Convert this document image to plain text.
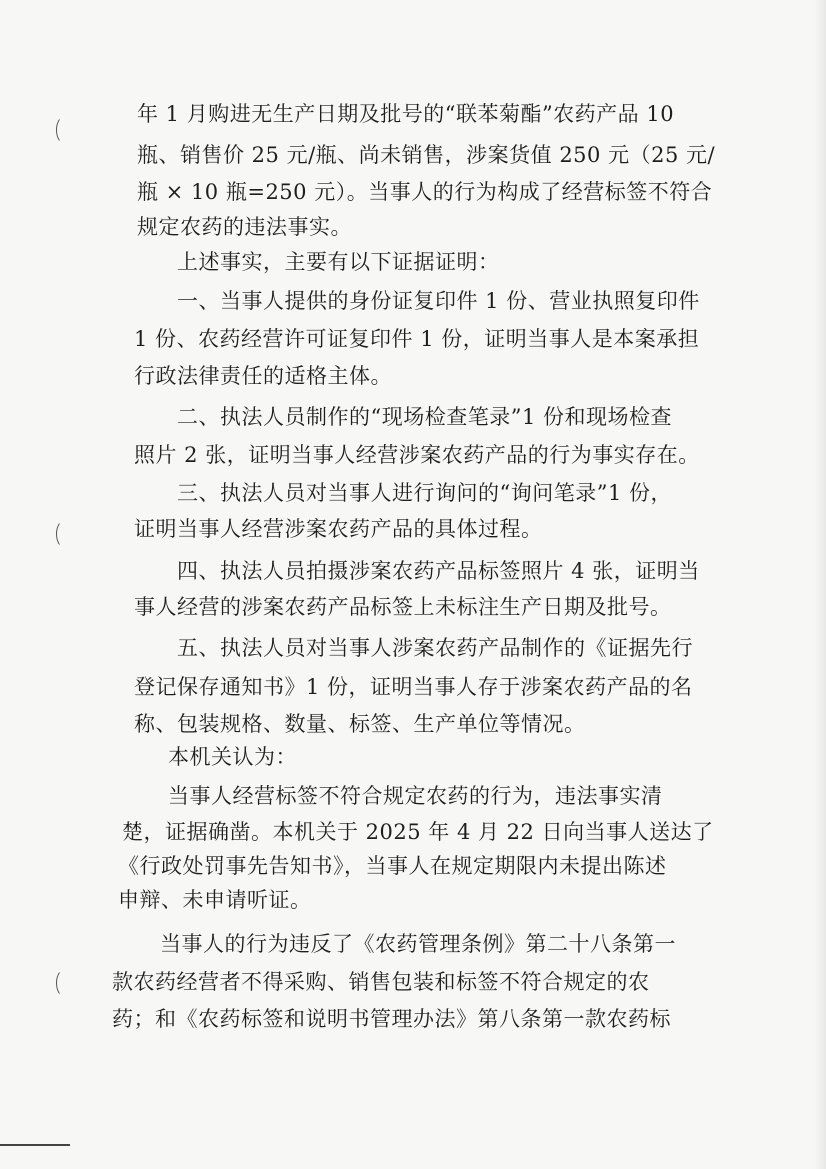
年 1 月购进无生产日期及批号的“联苯菊酯”农药产品 10
瓶、销售价 25 元/瓶、尚未销售，涉案货值 250 元（25 元/
瓶 × 10 瓶=250 元）。当事人的行为构成了经营标签不符合
规定农药的违法事实。
上述事实，主要有以下证据证明：
一、当事人提供的身份证复印件 1 份、营业执照复印件
1 份、农药经营许可证复印件 1 份，证明当事人是本案承担
行政法律责任的适格主体。
二、执法人员制作的“现场检查笔录”1 份和现场检查
照片 2 张，证明当事人经营涉案农药产品的行为事实存在。
三、执法人员对当事人进行询问的“询问笔录”1 份，
证明当事人经营涉案农药产品的具体过程。
四、执法人员拍摄涉案农药产品标签照片 4 张，证明当
事人经营的涉案农药产品标签上未标注生产日期及批号。
五、执法人员对当事人涉案农药产品制作的《证据先行
登记保存通知书》1 份，证明当事人存于涉案农药产品的名
称、包装规格、数量、标签、生产单位等情况。
本机关认为：
当事人经营标签不符合规定农药的行为，违法事实清
楚，证据确凿。本机关于 2025 年 4 月 22 日向当事人送达了
《行政处罚事先告知书》，当事人在规定期限内未提出陈述
申辩、未申请听证。
当事人的行为违反了《农药管理条例》第二十八条第一
款农药经营者不得采购、销售包装和标签不符合规定的农
药；和《农药标签和说明书管理办法》第八条第一款农药标
